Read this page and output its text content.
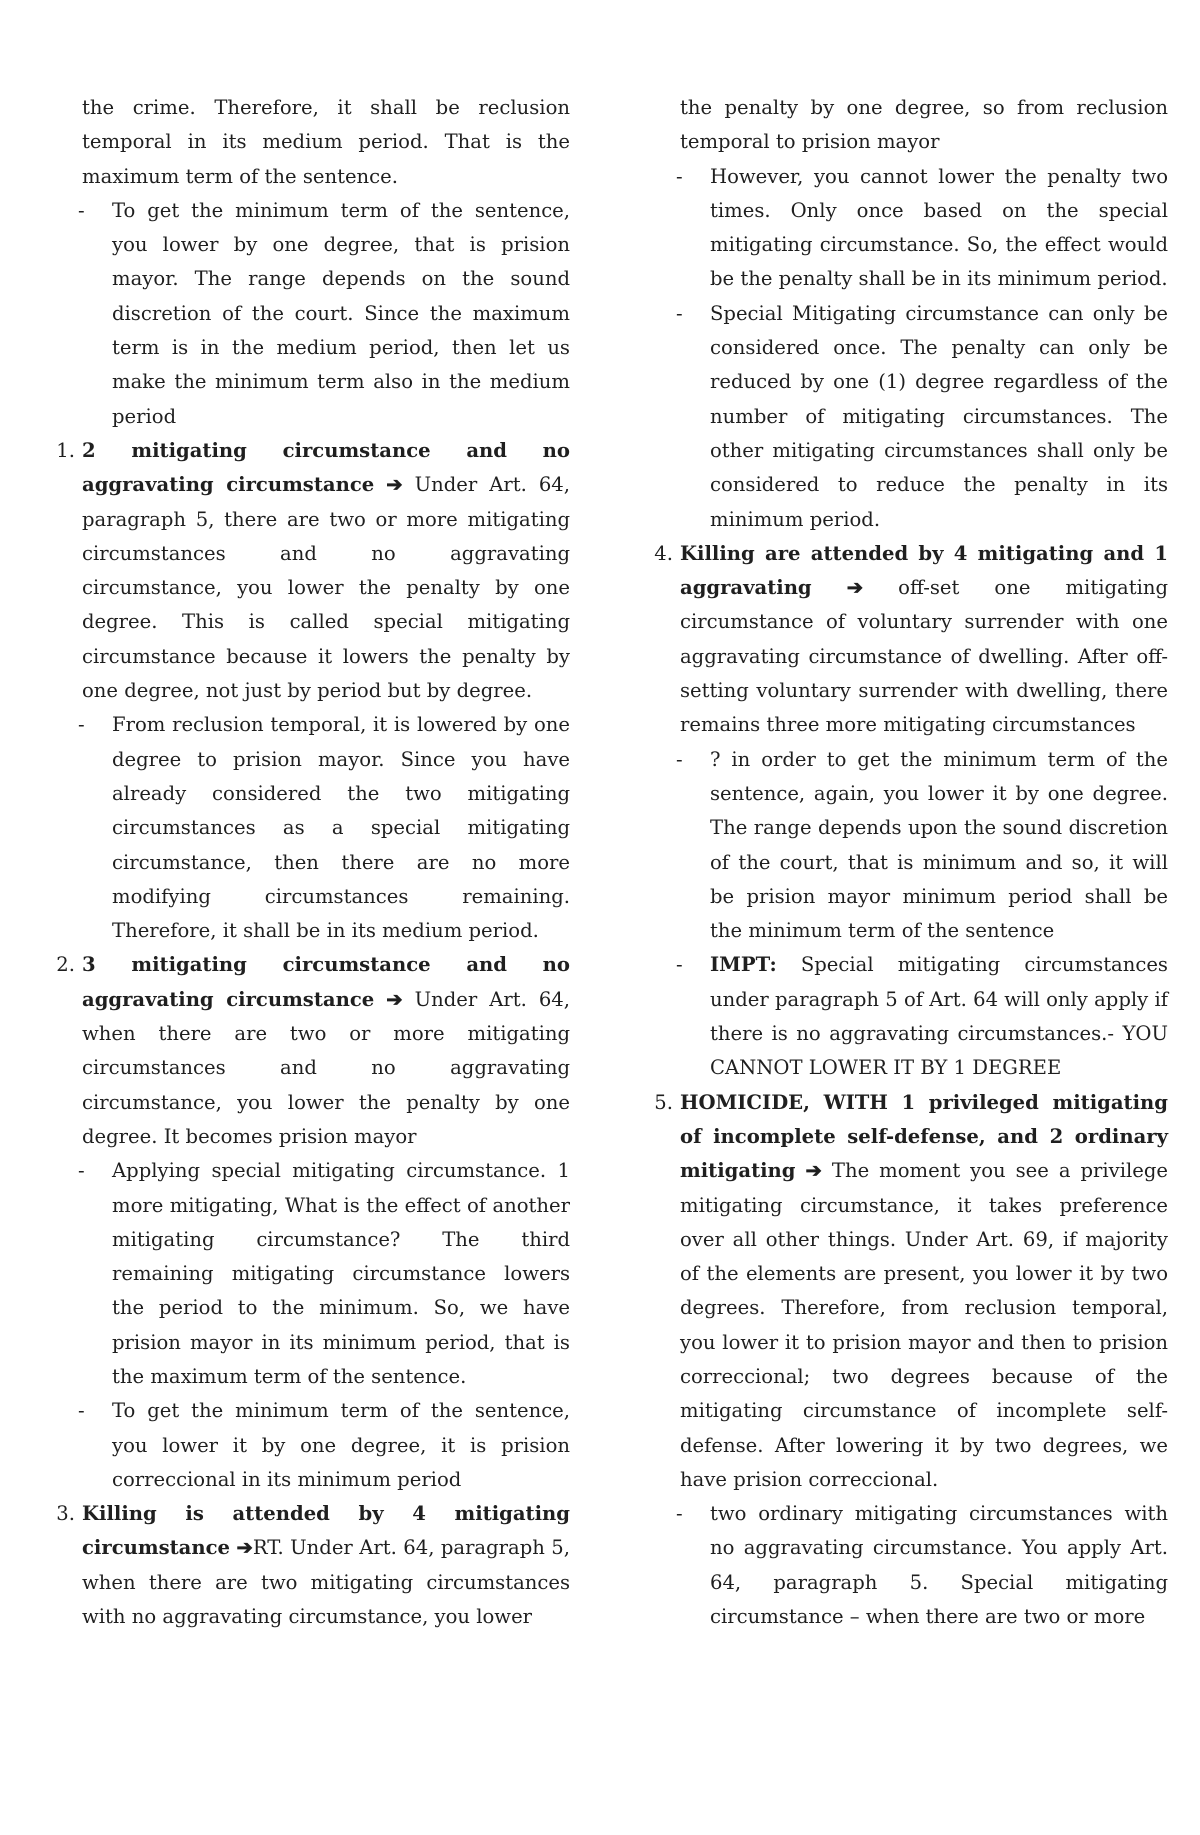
the crime. Therefore, it shall be reclusion temporal in its medium period. That is the maximum term of the sentence.

- To get the minimum term of the sentence, you lower by one degree, that is prision mayor. The range depends on the sound discretion of the court. Since the maximum term is in the medium period, then let us make the minimum term also in the medium period
1. 2 mitigating circumstance and no aggravating circumstance ➔ Under Art. 64, paragraph 5, there are two or more mitigating circumstances and no aggravating circumstance, you lower the penalty by one degree. This is called special mitigating circumstance because it lowers the penalty by one degree, not just by period but by degree.

- From reclusion temporal, it is lowered by one degree to prision mayor. Since you have already considered the two mitigating circumstances as a special mitigating circumstance, then there are no more modifying circumstances remaining. Therefore, it shall be in its medium period.
2. 3 mitigating circumstance and no aggravating circumstance ➔ Under Art. 64, when there are two or more mitigating circumstances and no aggravating circumstance, you lower the penalty by one degree. It becomes prision mayor

- Applying special mitigating circumstance. 1 more mitigating, What is the effect of another mitigating circumstance? The third remaining mitigating circumstance lowers the period to the minimum. So, we have prision mayor in its minimum period, that is the maximum term of the sentence.
- To get the minimum term of the sentence, you lower it by one degree, it is prision correccional in its minimum period
3. Killing is attended by 4 mitigating circumstance ➔RT. Under Art. 64, paragraph 5, when there are two mitigating circumstances with no aggravating circumstance, you lower

the penalty by one degree, so from reclusion temporal to prision mayor

- However, you cannot lower the penalty two times. Only once based on the special mitigating circumstance. So, the effect would be the penalty shall be in its minimum period.
- Special Mitigating circumstance can only be considered once. The penalty can only be reduced by one (1) degree regardless of the number of mitigating circumstances. The other mitigating circumstances shall only be considered to reduce the penalty in its minimum period.
4. Killing are attended by 4 mitigating and 1 aggravating ➔ off-set one mitigating circumstance of voluntary surrender with one aggravating circumstance of dwelling. After off-setting voluntary surrender with dwelling, there remains three more mitigating circumstances

- ? in order to get the minimum term of the sentence, again, you lower it by one degree. The range depends upon the sound discretion of the court, that is minimum and so, it will be prision mayor minimum period shall be the minimum term of the sentence
- IMPT: Special mitigating circumstances under paragraph 5 of Art. 64 will only apply if there is no aggravating circumstances.- YOU CANNOT LOWER IT BY 1 DEGREE
5. HOMICIDE, WITH 1 privileged mitigating of incomplete self-defense, and 2 ordinary mitigating ➔ The moment you see a privilege mitigating circumstance, it takes preference over all other things. Under Art. 69, if majority of the elements are present, you lower it by two degrees. Therefore, from reclusion temporal, you lower it to prision mayor and then to prision correccional; two degrees because of the mitigating circumstance of incomplete self-defense. After lowering it by two degrees, we have prision correccional.

- two ordinary mitigating circumstances with no aggravating circumstance. You apply Art. 64, paragraph 5. Special mitigating circumstance – when there are two or more
